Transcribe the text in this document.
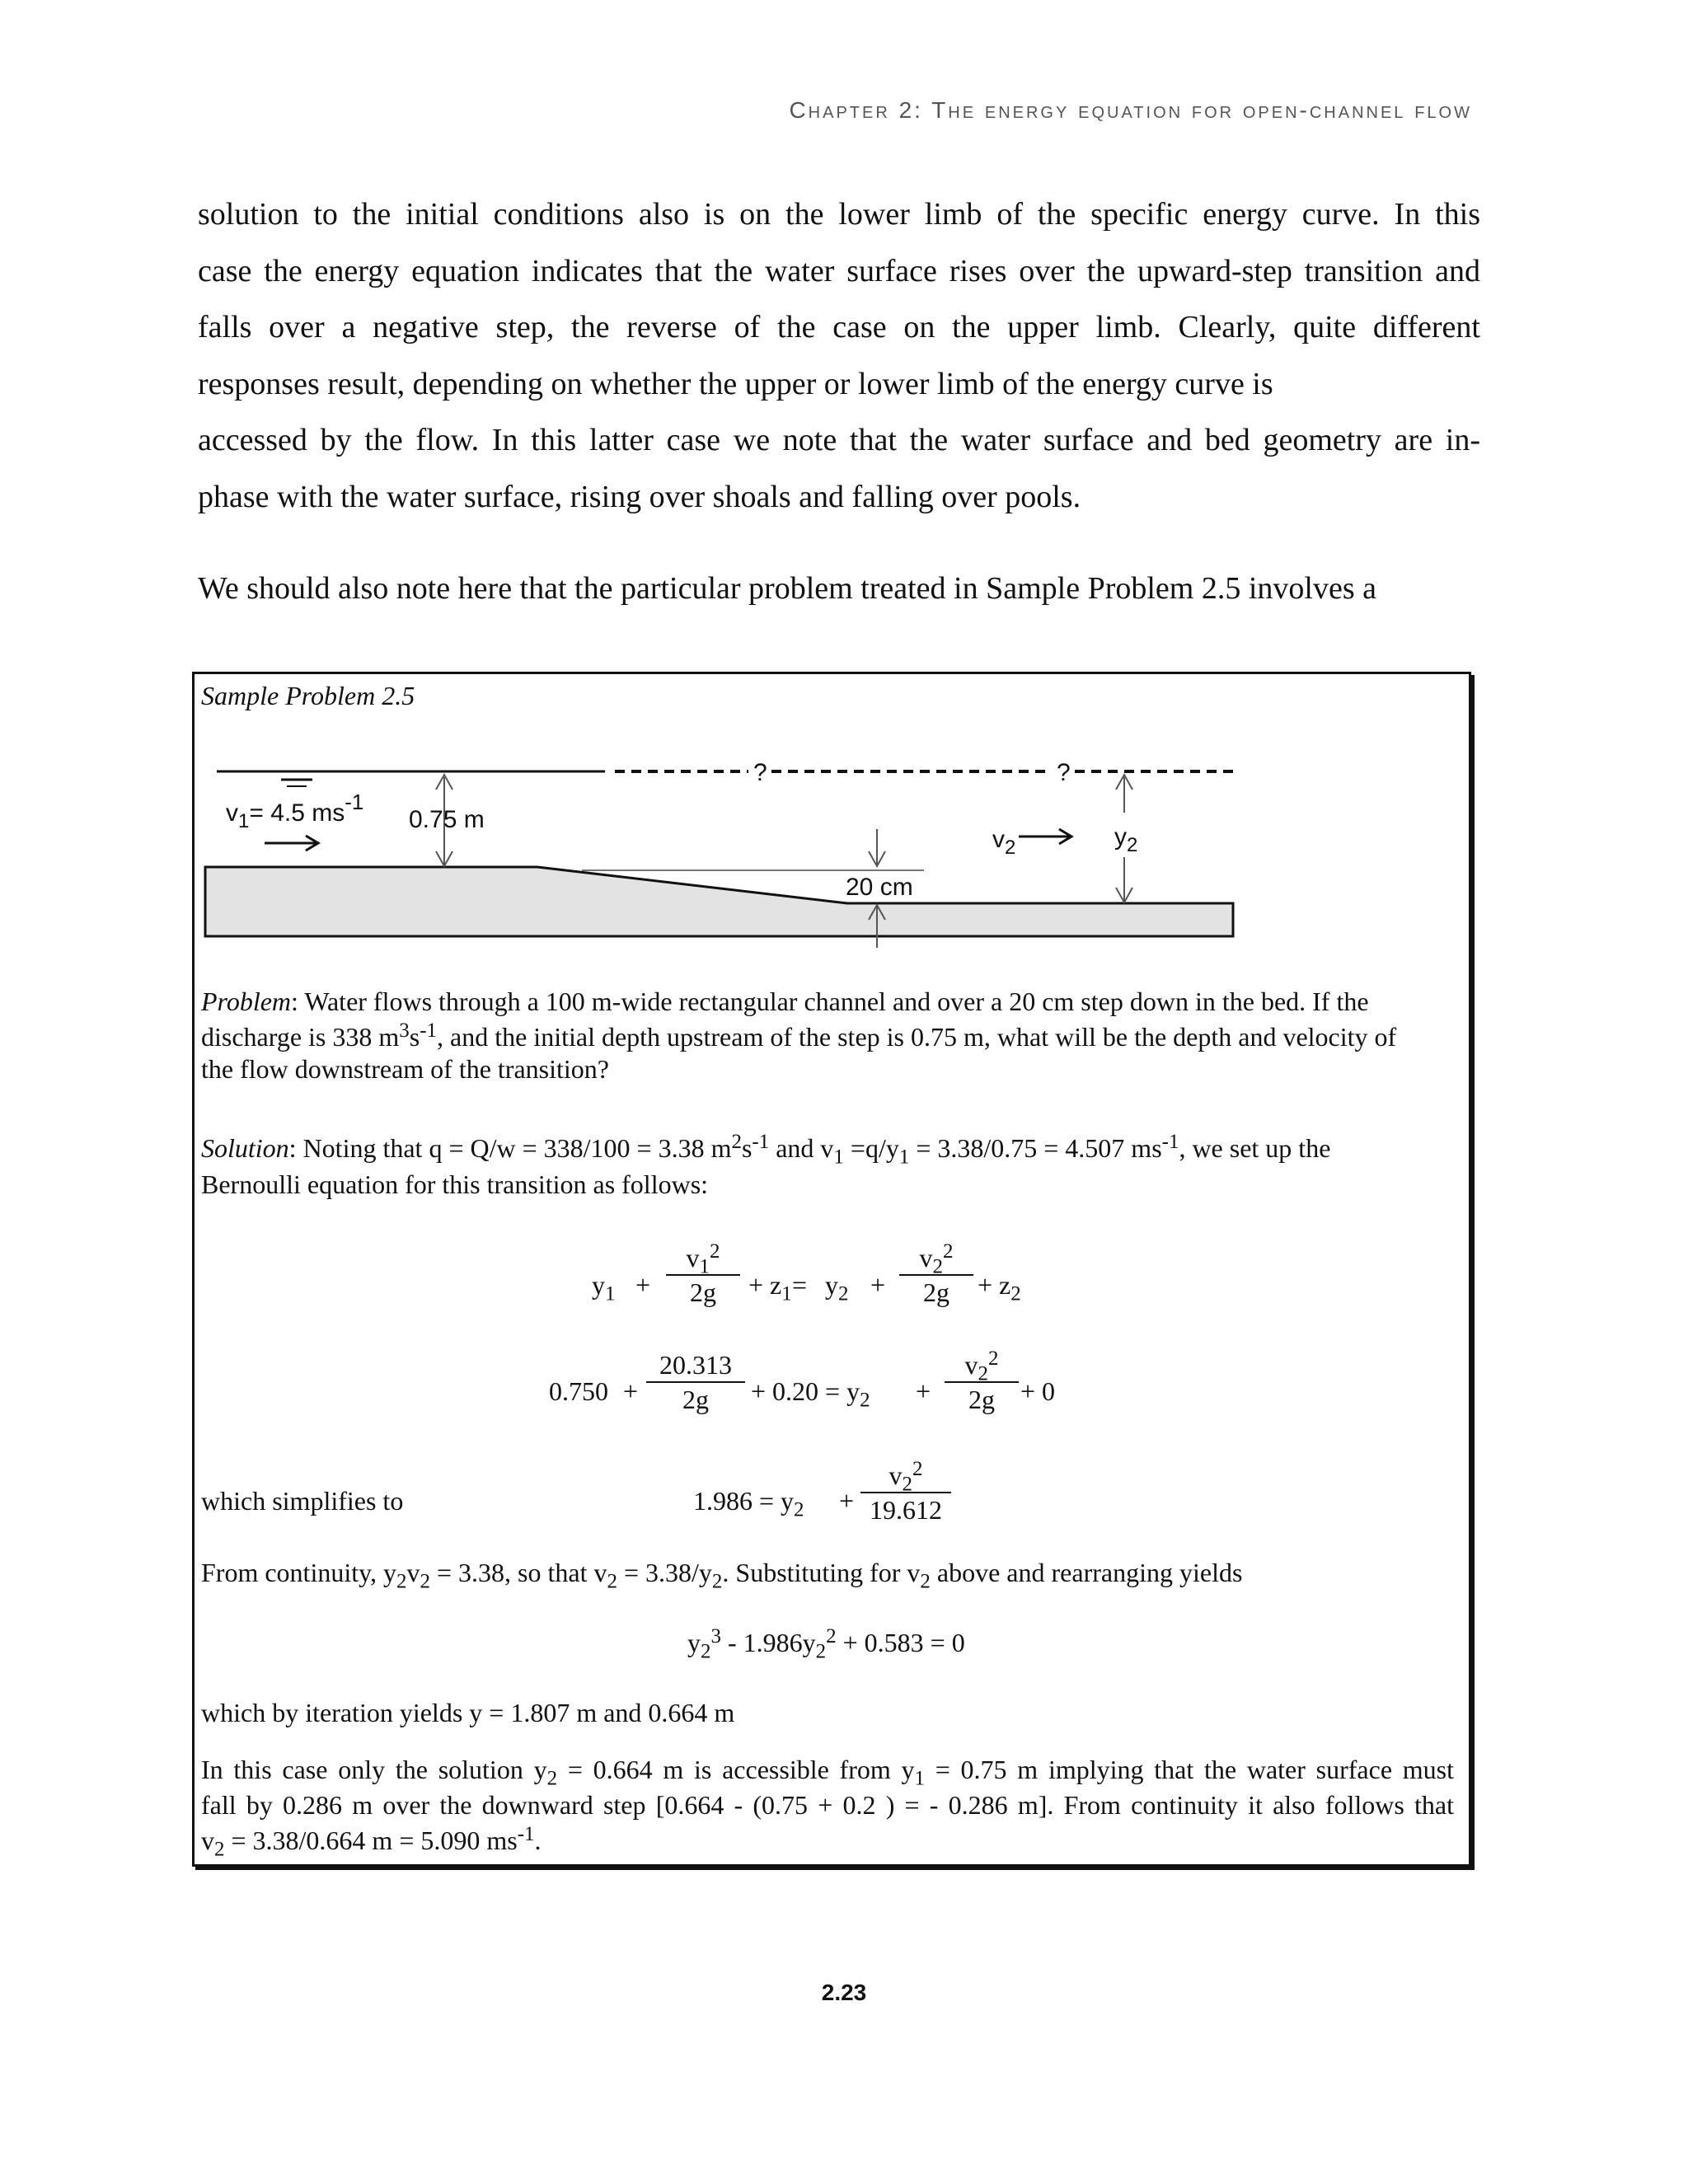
Chapter 2: The energy equation for open-channel flow

solution to the initial conditions also is on the lower limb of the specific energy curve. In this
case the energy equation indicates that the water surface rises over the upward-step transition and
falls over a negative step, the reverse of the case on the upper limb. Clearly, quite different
responses result, depending on whether the upper or lower limb of the energy curve is
accessed by the flow. In this latter case we note that the water surface and bed geometry are in-
phase with the water surface, rising over shoals and falling over pools.

We should also note here that the particular problem treated in Sample Problem 2.5 involves a

Sample Problem 2.5
?	?
0.75 m
$v_1= 4.5$ ms-1
20 cm
$v_2$	$y_2$
Problem: Water flows through a 100 m-wide rectangular channel and over a 20 cm step down in the bed. If the
discharge is 338 $m^3s^{-1}$, and the initial depth upstream of the step is 0.75 m, what will be the depth and velocity of
the flow downstream of the transition?
Solution: Noting that q = Q/w = 338/100 = 3.38 $m^2s^{-1}$ and $v_1 =q/y_1 = 3.38/0.75 = 4.507$ $ms^{-1}$, we set up the
Bernoulli equation for this transition as follows:
$y_1 + \frac{v_1^2}{2g} + z_1 = y_2 + \frac{v_2^2}{2g} + z_2$
$0.750 + \frac{20.313}{2g} + 0.20 = y_2 + \frac{v_2^2}{2g} + 0$
which simplifies to	$1.986 = y_2 + \frac{v_2^2}{19.612}$
From continuity, $y_2v_2 = 3.38$, so that $v_2 = 3.38/y_2$. Substituting for $v_2$ above and rearranging yields
$y_2^3 - 1.986y_2^2 + 0.583 = 0$
which by iteration yields y = 1.807 m and 0.664 m
In this case only the solution $y_2 = 0.664$ m is accessible from $y_1 = 0.75$ m implying that the water surface must
fall by 0.286 m over the downward step [0.664 - (0.75 + 0.2 ) = - 0.286 m]. From continuity it also follows that
$v_2 = 3.38/0.664$ m = 5.090 $ms^{-1}$.
2.23
